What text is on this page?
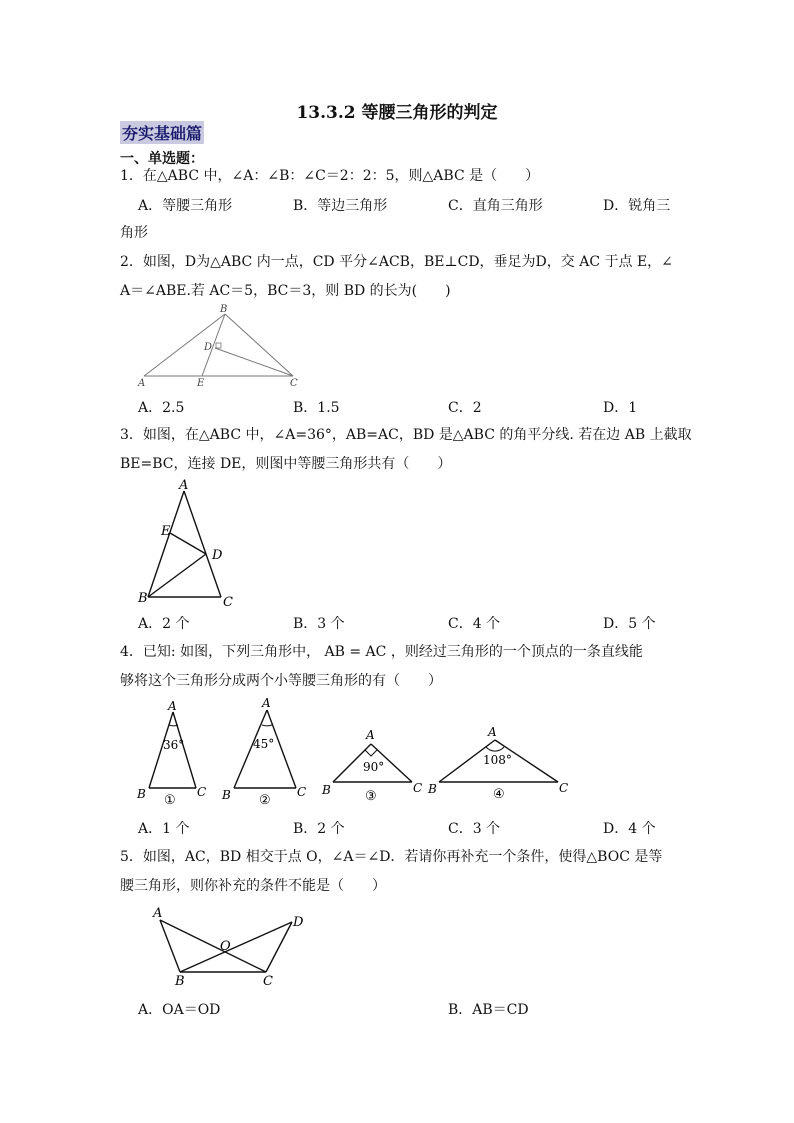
13.3.2 等腰三角形的判定
夯实基础篇
一、单选题：
1．在△ABC 中，∠A：∠B：∠C＝2：2：5，则△ABC 是（　　）
A．等腰三角形	B．等边三角形	C．直角三角形	D．锐角三
角形
2．如图，D为△ABC 内一点，CD 平分∠ACB，BE⊥CD，垂足为D，交 AC 于点 E，∠
A＝∠ABE.若 AC＝5，BC＝3，则 BD 的长为(　　)
A
B
C
D
E
A．2.5	B．1.5	C．2	D．1
3．如图，在△ABC 中，∠A=36°，AB=AC，BD 是△ABC 的角平分线. 若在边 AB 上截取
BE=BC，连接 DE，则图中等腰三角形共有（　　）
A
E
D
B	C
A．2 个	B．3 个	C．4 个	D．5 个
4．已知: 如图，下列三角形中， AB = AC ，则经过三角形的一个顶点的一条直线能
够将这个三角形分成两个小等腰三角形的有（　　）
A
36°
B	C
①
A
45°
B	C
②
A
90°
B	C
③
A
108°
B	C
④
A．1 个	B．2 个	C．3 个	D．4 个
5．如图，AC，BD 相交于点 O，∠A＝∠D．若请你再补充一个条件，使得△BOC 是等
腰三角形，则你补充的条件不能是（　　）
A
D
O
B	C
A．OA＝OD	B．AB＝CD
